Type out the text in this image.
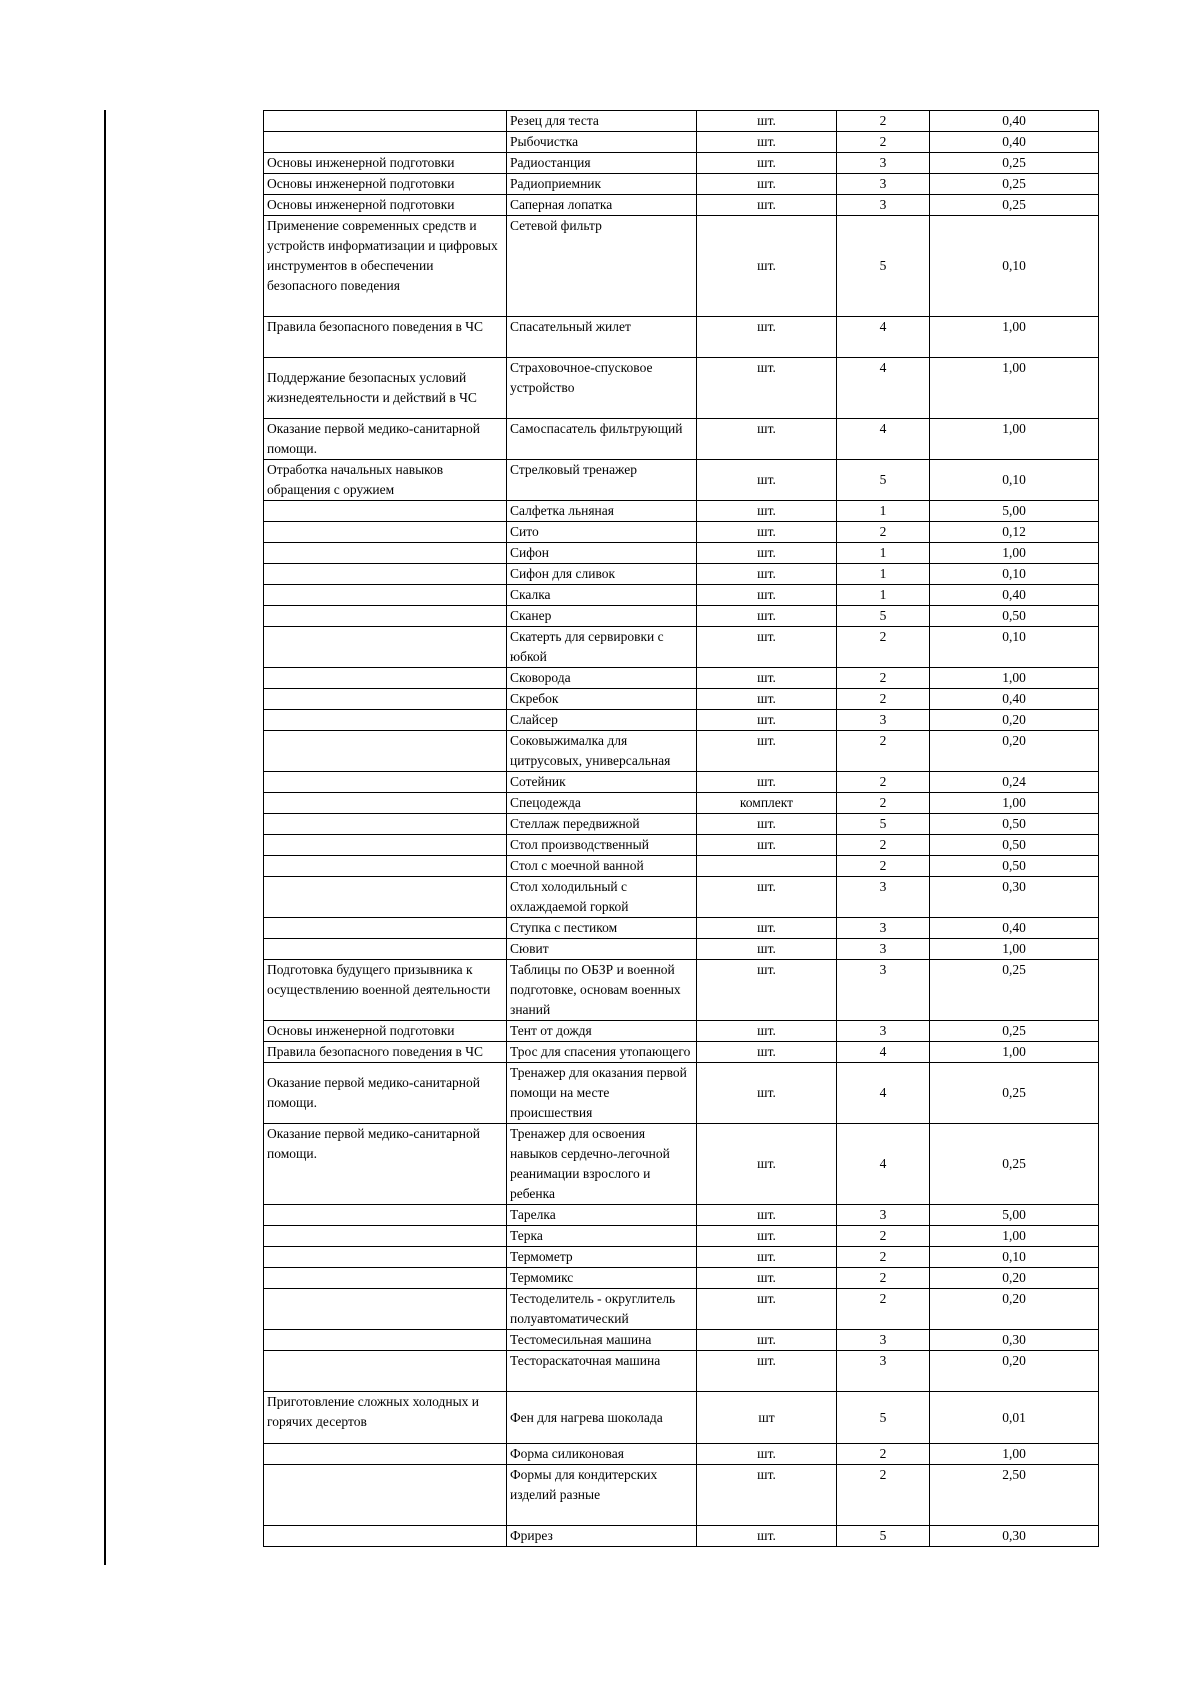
	Резец для теста	шт.	2	0,40
	Рыбочистка	шт.	2	0,40
Основы инженерной подготовки	Радиостанция	шт.	3	0,25
Основы инженерной подготовки	Радиоприемник	шт.	3	0,25
Основы инженерной подготовки	Саперная лопатка	шт.	3	0,25
Применение современных средств и устройств информатизации и цифровых инструментов в обеспечении безопасного поведения	Сетевой фильтр	шт.	5	0,10
Правила безопасного поведения в ЧС	Спасательный жилет	шт.	4	1,00
Поддержание безопасных условий жизнедеятельности и действий в ЧС	Страховочное-спусковое устройство	шт.	4	1,00
Оказание первой медико-санитарной помощи.	Самоспасатель фильтрующий	шт.	4	1,00
Отработка начальных навыков обращения с оружием	Стрелковый тренажер	шт.	5	0,10
	Салфетка льняная	шт.	1	5,00
	Сито	шт.	2	0,12
	Сифон	шт.	1	1,00
	Сифон для сливок	шт.	1	0,10
	Скалка	шт.	1	0,40
	Сканер	шт.	5	0,50
	Скатерть для сервировки с юбкой	шт.	2	0,10
	Сковорода	шт.	2	1,00
	Скребок	шт.	2	0,40
	Слайсер	шт.	3	0,20
	Соковыжималка для цитрусовых, универсальная	шт.	2	0,20
	Сотейник	шт.	2	0,24
	Спецодежда	комплект	2	1,00
	Стеллаж передвижной	шт.	5	0,50
	Стол производственный	шт.	2	0,50
	Стол с моечной ванной		2	0,50
	Стол холодильный с охлаждаемой горкой	шт.	3	0,30
	Ступка с пестиком	шт.	3	0,40
	Сювит	шт.	3	1,00
Подготовка будущего призывника к осуществлению военной деятельности	Таблицы по ОБЗР и военной подготовке, основам военных знаний	шт.	3	0,25
Основы инженерной подготовки	Тент от дождя	шт.	3	0,25
Правила безопасного поведения в ЧС	Трос для спасения утопающего	шт.	4	1,00
Оказание первой медико-санитарной помощи.	Тренажер для оказания первой помощи на месте происшествия	шт.	4	0,25
Оказание первой медико-санитарной помощи.	Тренажер для освоения навыков сердечно-легочной реанимации взрослого и ребенка	шт.	4	0,25
	Тарелка	шт.	3	5,00
	Терка	шт.	2	1,00
	Термометр	шт.	2	0,10
	Термомикс	шт.	2	0,20
	Тестоделитель - округлитель полуавтоматический	шт.	2	0,20
	Тестомесильная машина	шт.	3	0,30
	Тестораскаточная машина	шт.	3	0,20
Приготовление сложных холодных и горячих десертов	Фен для нагрева шоколада	шт	5	0,01
	Форма силиконовая	шт.	2	1,00
	Формы для кондитерских изделий разные	шт.	2	2,50
	Фрирез	шт.	5	0,30
